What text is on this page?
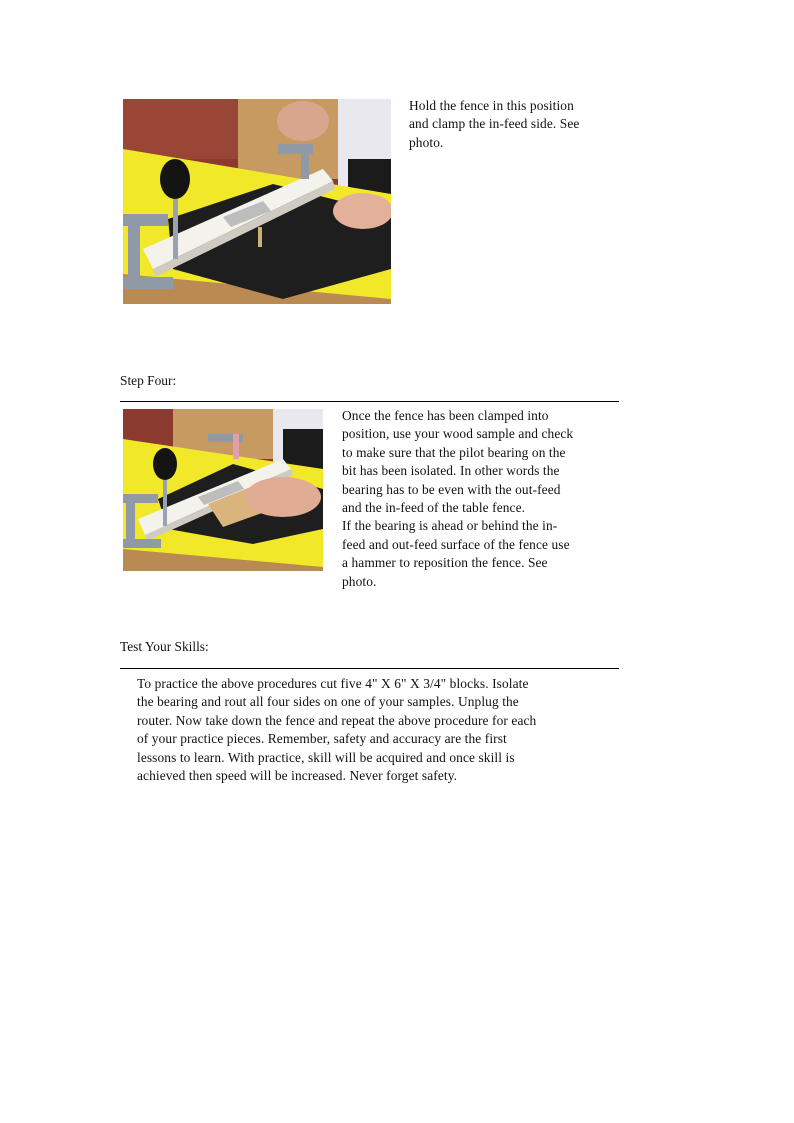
Hold the fence in this position
and clamp the in-feed side. See
photo.
Step Four:
Once the fence has been clamped into
position, use your wood sample and check
to make sure that the pilot bearing on the
bit has been isolated. In other words the
bearing has to be even with the out-feed
and the in-feed of the table fence.
If the bearing is ahead or behind the in-
feed and out-feed surface of the fence use
a hammer to reposition the fence. See
photo.
Test Your Skills:
To practice the above procedures cut five 4" X 6" X 3/4" blocks. Isolate
the bearing and rout all four sides on one of your samples. Unplug the
router. Now take down the fence and repeat the above procedure for each
of your practice pieces. Remember, safety and accuracy are the first
lessons to learn. With practice, skill will be acquired and once skill is
achieved then speed will be increased. Never forget safety.
